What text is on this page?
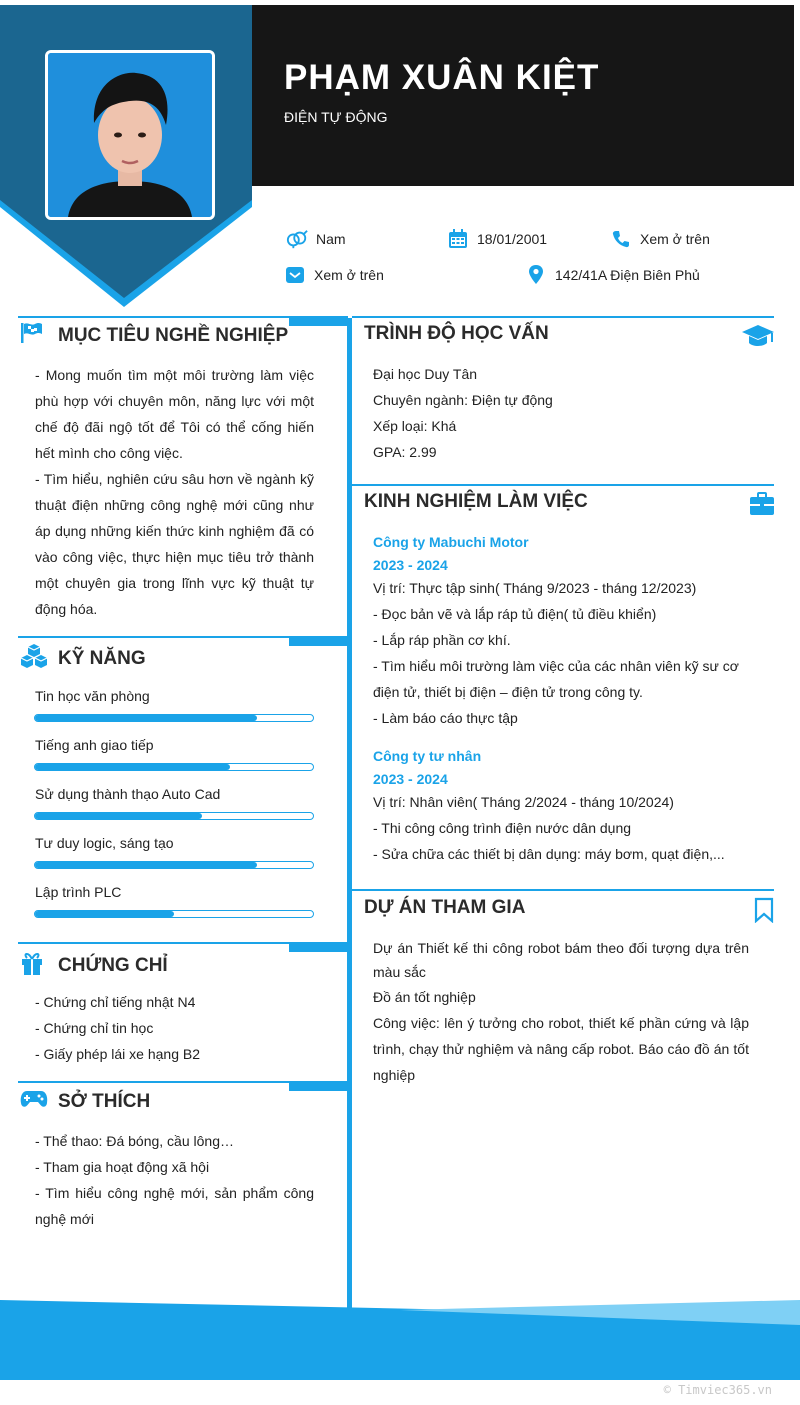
PHẠM XUÂN KIỆT
ĐIỆN TỰ ĐỘNG
Nam	18/01/2001	Xem ở trên
Xem ở trên	142/41A Điện Biên Phủ
MỤC TIÊU NGHỀ NGHIỆP

- Mong muốn tìm một môi trường làm việc phù hợp với chuyên môn, năng lực với một chế độ đãi ngộ tốt để Tôi có thể cống hiến hết mình cho công việc.

- Tìm hiểu, nghiên cứu sâu hơn về ngành kỹ thuật điện những công nghệ mới cũng như áp dụng những kiến thức kinh nghiệm đã có vào công việc, thực hiện mục tiêu trở thành một chuyên gia trong lĩnh vực kỹ thuật tự động hóa.

KỸ NĂNG
Tin học văn phòng
Tiếng anh giao tiếp
Sử dụng thành thạo Auto Cad
Tư duy logic, sáng tạo
Lập trình PLC
CHỨNG CHỈ

- Chứng chỉ tiếng nhật N4

- Chứng chỉ tin học

- Giấy phép lái xe hạng B2

SỞ THÍCH

- Thể thao: Đá bóng, cầu lông…

- Tham gia hoạt động xã hội

- Tìm hiểu công nghệ mới, sản phẩm công nghệ mới

TRÌNH ĐỘ HỌC VẤN

Đại học Duy Tân

Chuyên ngành: Điện tự động

Xếp loại: Khá

GPA: 2.99

KINH NGHIỆM LÀM VIỆC

Công ty Mabuchi Motor

2023 - 2024

Vị trí: Thực tập sinh( Tháng 9/2023 - tháng 12/2023)

- Đọc bản vẽ và lắp ráp tủ điện( tủ điều khiển)

- Lắp ráp phần cơ khí.

- Tìm hiểu môi trường làm việc của các nhân viên kỹ sư cơ điện tử, thiết bị điện – điện tử trong công ty.

- Làm báo cáo thực tập

Công ty tư nhân

2023 - 2024

Vị trí: Nhân viên( Tháng 2/2024 - tháng 10/2024)

- Thi công công trình điện nước dân dụng

- Sửa chữa các thiết bị dân dụng: máy bơm, quạt điện,...

DỰ ÁN THAM GIA

Dự án Thiết kế thi công robot bám theo đối tượng dựa trên màu sắc

Đồ án tốt nghiệp

Công việc: lên ý tưởng cho robot, thiết kế phần cứng và lập trình, chạy thử nghiệm và nâng cấp robot. Báo cáo đồ án tốt nghiệp

© Timviec365.vn
